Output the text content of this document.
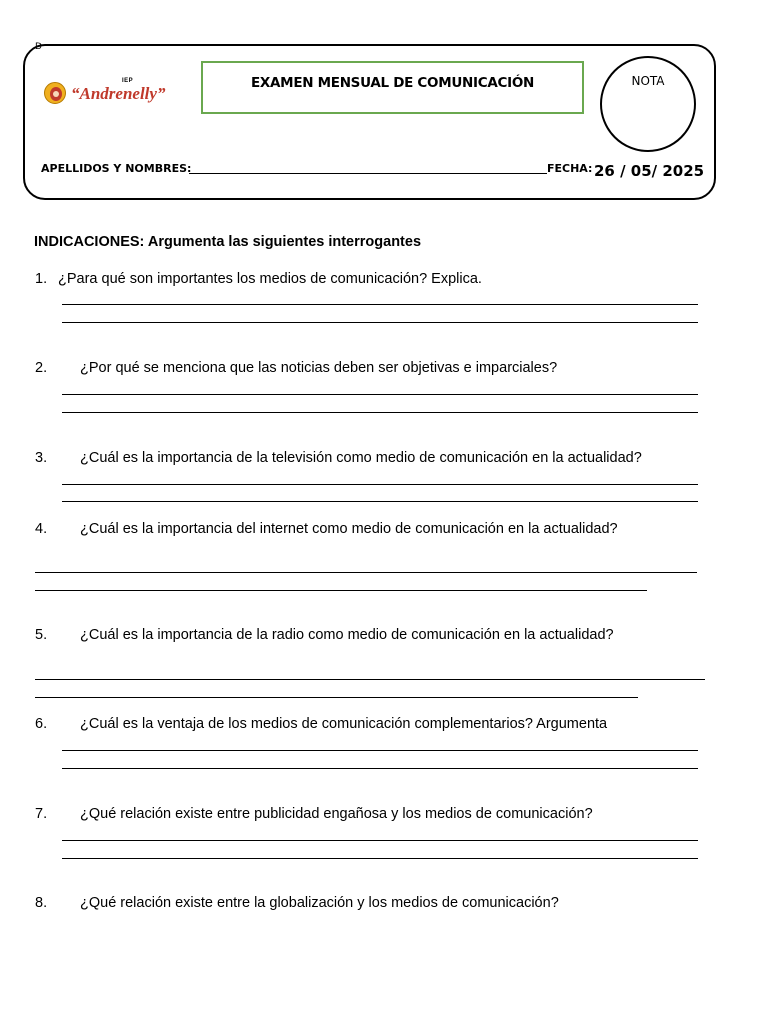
D
IEP
“Andrenelly”
EXAMEN MENSUAL DE COMUNICACIÓN	NOTA
APELLIDOS Y NOMBRES:	FECHA: 26 / 05/ 2025
INDICACIONES: Argumenta las siguientes interrogantes
1. ¿Para qué son importantes los medios de comunicación? Explica.
2. ¿Por qué se menciona que las noticias deben ser objetivas e imparciales?
3. ¿Cuál es la importancia de la televisión como medio de comunicación en la actualidad?
4. ¿Cuál es la importancia del internet como medio de comunicación en la actualidad?
5. ¿Cuál es la importancia de la radio como medio de comunicación en la actualidad?
6. ¿Cuál es la ventaja de los medios de comunicación complementarios? Argumenta
7. ¿Qué relación existe entre publicidad engañosa y los medios de comunicación?
8. ¿Qué relación existe entre la globalización y los medios de comunicación?
